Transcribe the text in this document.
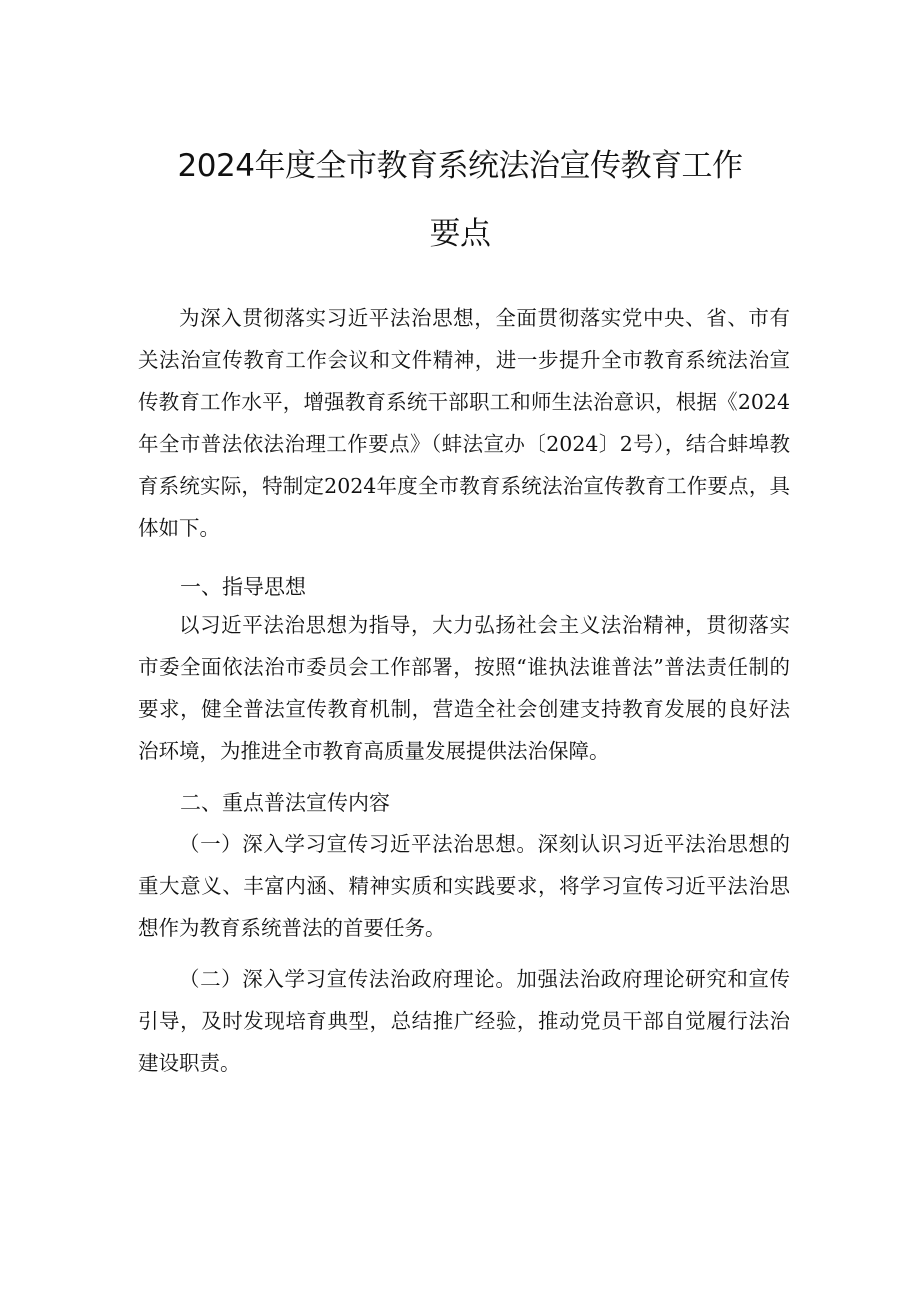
2024年度全市教育系统法治宣传教育工作
要点

为深入贯彻落实习近平法治思想，全面贯彻落实党中央、省、市有关法治宣传教育工作会议和文件精神，进一步提升全市教育系统法治宣传教育工作水平，增强教育系统干部职工和师生法治意识，根据《2024年全市普法依法治理工作要点》（蚌法宣办〔2024〕2号），结合蚌埠教育系统实际，特制定2024年度全市教育系统法治宣传教育工作要点，具体如下。

一、指导思想

以习近平法治思想为指导，大力弘扬社会主义法治精神，贯彻落实市委全面依法治市委员会工作部署，按照“谁执法谁普法”普法责任制的要求，健全普法宣传教育机制，营造全社会创建支持教育发展的良好法治环境，为推进全市教育高质量发展提供法治保障。

二、重点普法宣传内容

（一）深入学习宣传习近平法治思想。深刻认识习近平法治思想的重大意义、丰富内涵、精神实质和实践要求，将学习宣传习近平法治思想作为教育系统普法的首要任务。

（二）深入学习宣传法治政府理论。加强法治政府理论研究和宣传引导，及时发现培育典型，总结推广经验，推动党员干部自觉履行法治建设职责。
